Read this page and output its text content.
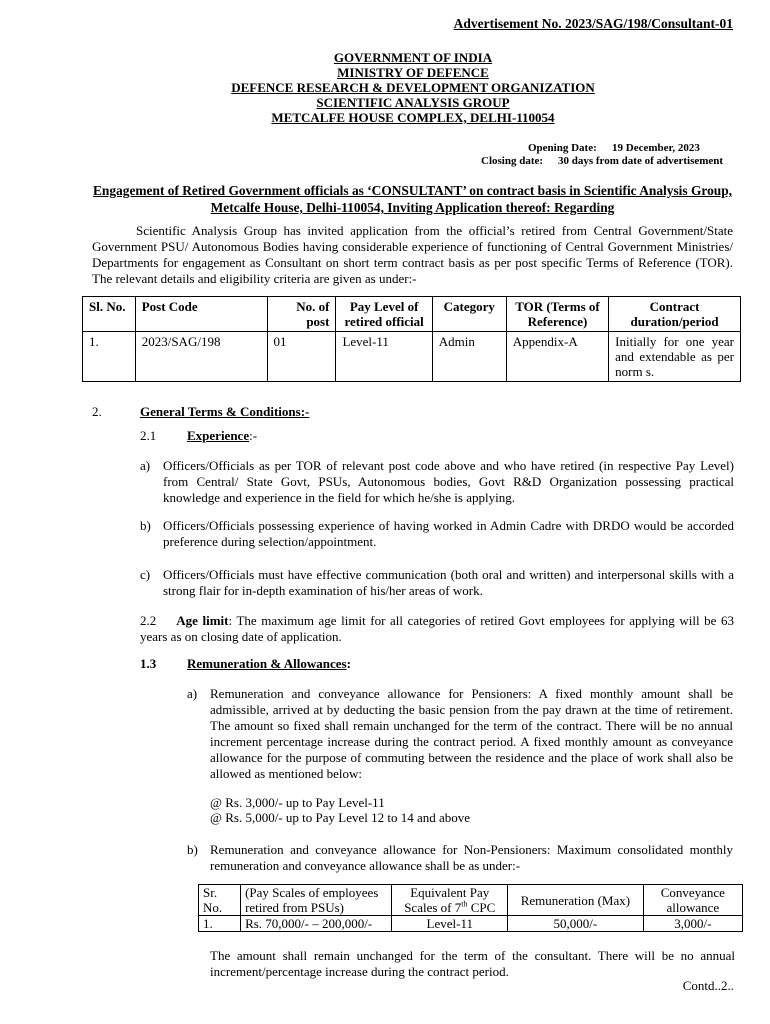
Advertisement No. 2023/SAG/198/Consultant-01
GOVERNMENT OF INDIA
MINISTRY OF DEFENCE
DEFENCE RESEARCH & DEVELOPMENT ORGANIZATION
SCIENTIFIC ANALYSIS GROUP
METCALFE HOUSE COMPLEX, DELHI-110054
Opening Date: 19 December, 2023
Closing date: 30 days from date of advertisement
Engagement of Retired Government officials as ‘CONSULTANT’ on contract basis in Scientific Analysis Group, Metcalfe House, Delhi-110054, Inviting Application thereof: Regarding
Scientific Analysis Group has invited application from the official’s retired from Central Government/State Government PSU/ Autonomous Bodies having considerable experience of functioning of Central Government Ministries/ Departments for engagement as Consultant on short term contract basis as per post specific Terms of Reference (TOR). The relevant details and eligibility criteria are given as under:-
Sl. No.	Post Code	No. of post	Pay Level of retired official	Category	TOR (Terms of Reference)	Contract duration/period
1.	2023/SAG/198	01	Level-11	Admin	Appendix-A	Initially for one year and extendable as per norm s.
2.	General Terms & Conditions:-
2.1 Experience:-
a) Officers/Officials as per TOR of relevant post code above and who have retired (in respective Pay Level) from Central/ State Govt, PSUs, Autonomous bodies, Govt R&D Organization possessing practical knowledge and experience in the field for which he/she is applying.
b) Officers/Officials possessing experience of having worked in Admin Cadre with DRDO would be accorded preference during selection/appointment.
c) Officers/Officials must have effective communication (both oral and written) and interpersonal skills with a strong flair for in-depth examination of his/her areas of work.
2.2 Age limit: The maximum age limit for all categories of retired Govt employees for applying will be 63 years as on closing date of application.
1.3 Remuneration & Allowances:
a) Remuneration and conveyance allowance for Pensioners: A fixed monthly amount shall be admissible, arrived at by deducting the basic pension from the pay drawn at the time of retirement. The amount so fixed shall remain unchanged for the term of the contract. There will be no annual increment percentage increase during the contract period. A fixed monthly amount as conveyance allowance for the purpose of commuting between the residence and the place of work shall also be allowed as mentioned below:
@ Rs. 3,000/- up to Pay Level-11
@ Rs. 5,000/- up to Pay Level 12 to 14 and above
b) Remuneration and conveyance allowance for Non-Pensioners: Maximum consolidated monthly remuneration and conveyance allowance shall be as under:-
Sr. No.	(Pay Scales of employees retired from PSUs)	Equivalent Pay Scales of 7th CPC	Remuneration (Max)	Conveyance allowance
1.	Rs. 70,000/- – 200,000/-	Level-11	50,000/-	3,000/-
The amount shall remain unchanged for the term of the consultant. There will be no annual increment/percentage increase during the contract period.
Contd..2..
